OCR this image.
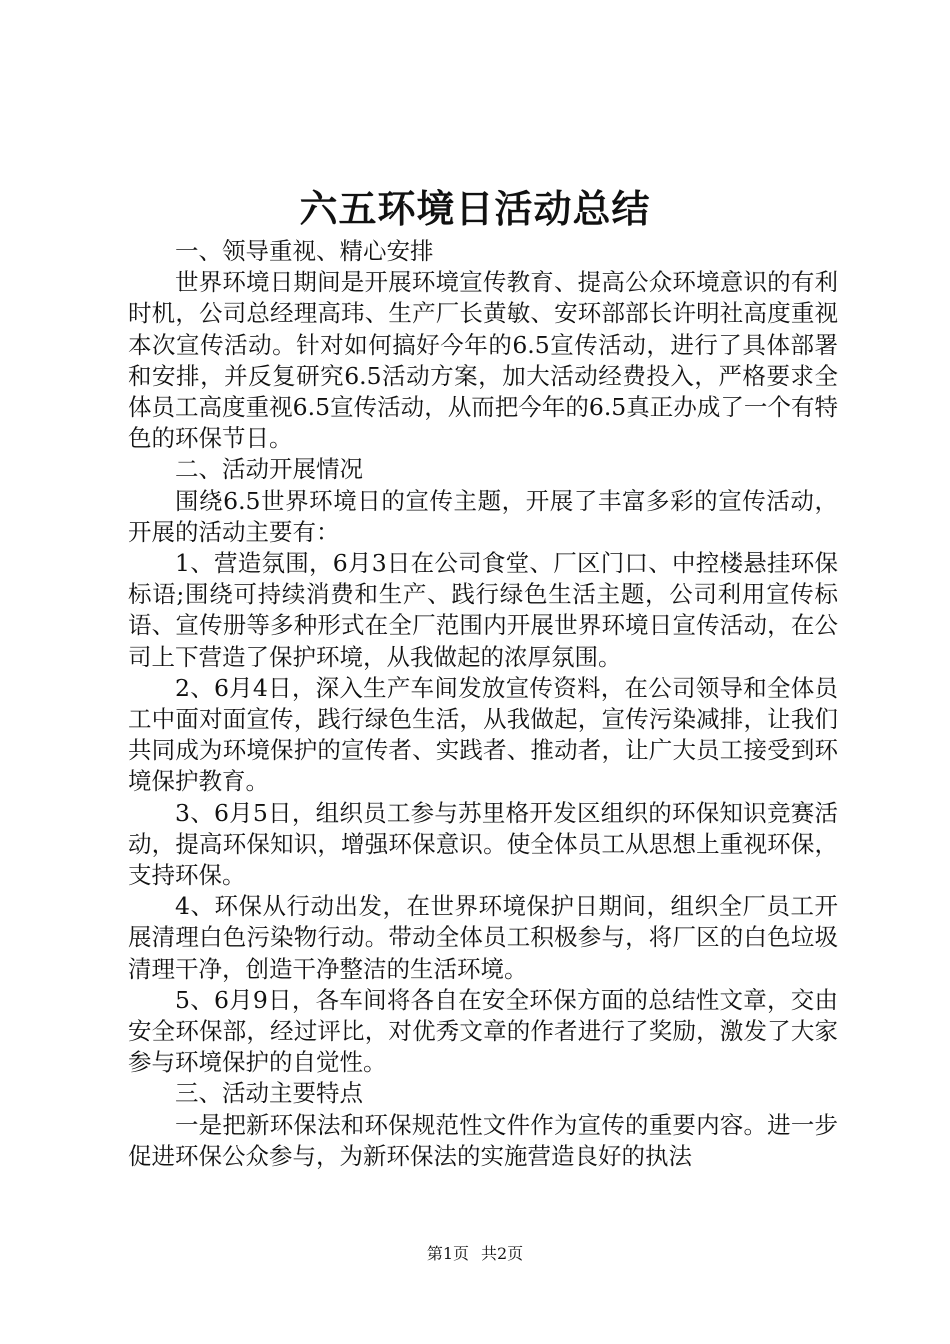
六五环境日活动总结

一、领导重视、精心安排

世界环境日期间是开展环境宣传教育、提高公众环境意识的有利时机，公司总经理高玮、生产厂长黄敏、安环部部长许明社高度重视本次宣传活动。针对如何搞好今年的6.5宣传活动，进行了具体部署和安排，并反复研究6.5活动方案，加大活动经费投入，严格要求全体员工高度重视6.5宣传活动，从而把今年的6.5真正办成了一个有特色的环保节日。

二、活动开展情况

围绕6.5世界环境日的宣传主题，开展了丰富多彩的宣传活动，开展的活动主要有：

1、营造氛围，6月3日在公司食堂、厂区门口、中控楼悬挂环保标语;围绕可持续消费和生产、践行绿色生活主题，公司利用宣传标语、宣传册等多种形式在全厂范围内开展世界环境日宣传活动，在公司上下营造了保护环境，从我做起的浓厚氛围。

2、6月4日，深入生产车间发放宣传资料，在公司领导和全体员工中面对面宣传，践行绿色生活，从我做起，宣传污染减排，让我们共同成为环境保护的宣传者、实践者、推动者，让广大员工接受到环境保护教育。

3、6月5日，组织员工参与苏里格开发区组织的环保知识竞赛活动，提高环保知识，增强环保意识。使全体员工从思想上重视环保，支持环保。

4、环保从行动出发，在世界环境保护日期间，组织全厂员工开展清理白色污染物行动。带动全体员工积极参与，将厂区的白色垃圾清理干净，创造干净整洁的生活环境。

5、6月9日，各车间将各自在安全环保方面的总结性文章，交由安全环保部，经过评比，对优秀文章的作者进行了奖励，激发了大家参与环境保护的自觉性。

三、活动主要特点

一是把新环保法和环保规范性文件作为宣传的重要内容。进一步促进环保公众参与，为新环保法的实施营造良好的执法

第1页 共2页
